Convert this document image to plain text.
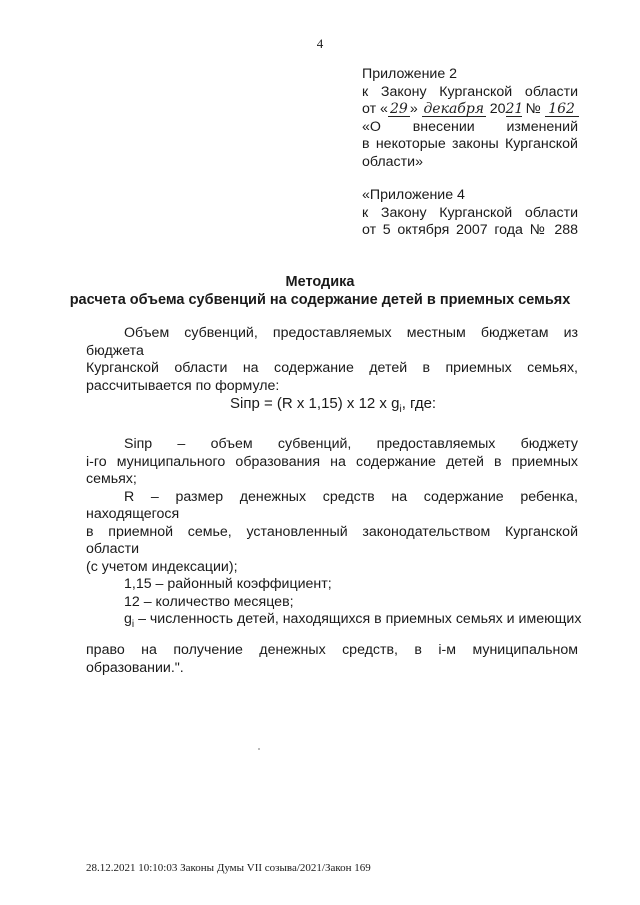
4
Приложение 2
к Закону Курганской области
от « 29 » декабря 2021 № 162
«О внесении изменений
в некоторые законы Курганской
области»
«Приложение 4
к Закону Курганской области
от 5 октября 2007 года № 288
Методика
расчета объема субвенций на содержание детей в приемных семьях
Объем субвенций, предоставляемых местным бюджетам из бюджета
Курганской области на содержание детей в приемных семьях,
рассчитывается по формуле:
Siпр = (R x 1,15) x 12 x $g_i$, где:
Siпр – объем субвенций, предоставляемых бюджету
i-го муниципального образования на содержание детей в приемных
семьях;
R – размер денежных средств на содержание ребенка, находящегося
в приемной семье, установленный законодательством Курганской области
(с учетом индексации);
1,15 – районный коэффициент;
12 – количество месяцев;
$g_i$ – численность детей, находящихся в приемных семьях и имеющих
право на получение денежных средств, в i-м муниципальном
образовании.".
28.12.2021 10:10:03 Законы Думы VII созыва/2021/Закон 169
